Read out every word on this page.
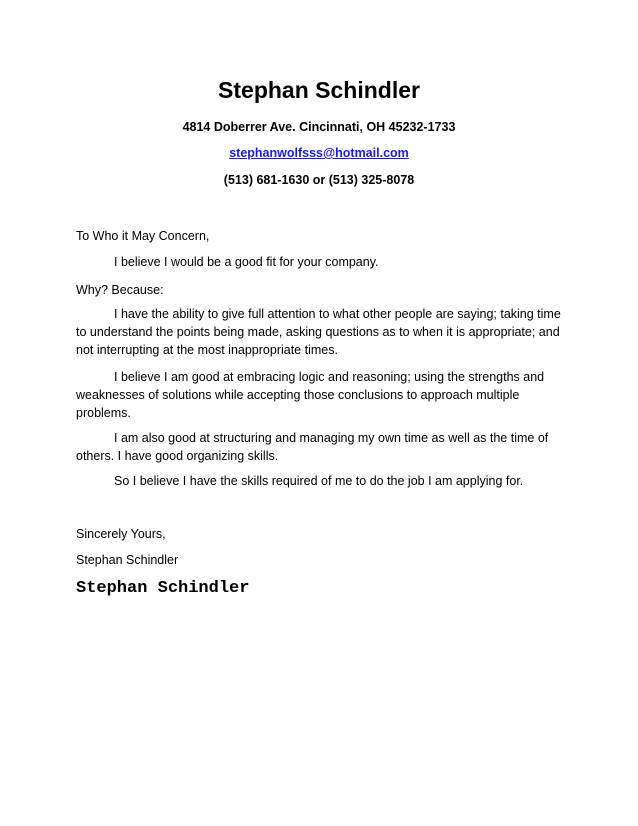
Stephan Schindler
4814 Doberrer Ave. Cincinnati, OH 45232-1733
stephanwolfsss@hotmail.com
(513) 681-1630 or (513) 325-8078
To Who it May Concern,
I believe I would be a good fit for your company.
Why? Because:
I have the ability to give full attention to what other people are saying; taking time
to understand the points being made, asking questions as to when it is appropriate; and
not interrupting at the most inappropriate times.
I believe I am good at embracing logic and reasoning; using the strengths and
weaknesses of solutions while accepting those conclusions to approach multiple
problems.
I am also good at structuring and managing my own time as well as the time of
others. I have good organizing skills.
So I believe I have the skills required of me to do the job I am applying for.
Sincerely Yours,
Stephan Schindler
Stephan Schindler
